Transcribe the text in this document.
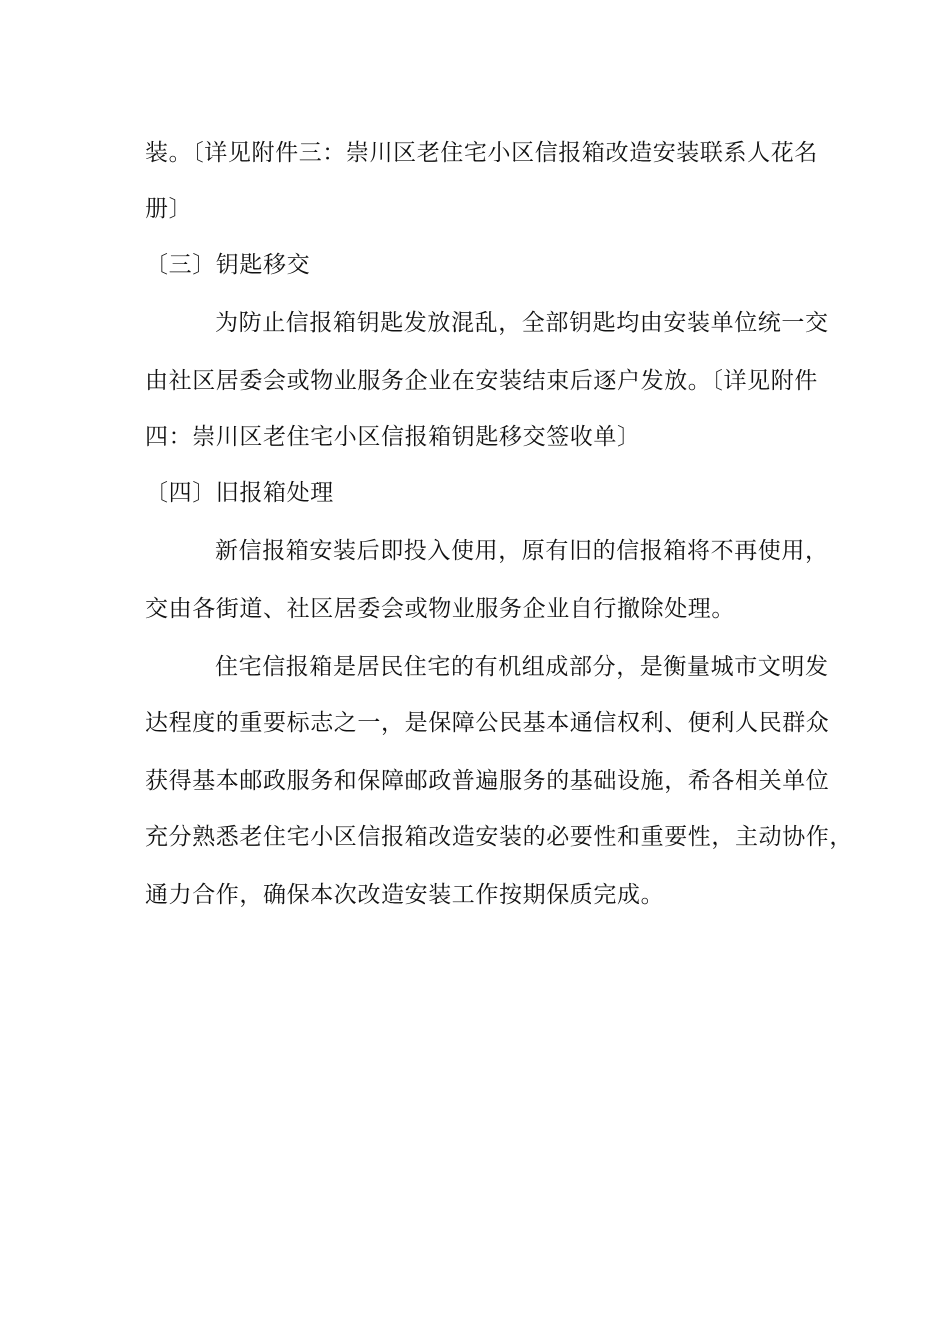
装。〔详见附件三：崇川区老住宅小区信报箱改造安装联系人花名
册〕
〔三〕钥匙移交
为防止信报箱钥匙发放混乱，全部钥匙均由安装单位统一交
由社区居委会或物业服务企业在安装结束后逐户发放。〔详见附件
四：崇川区老住宅小区信报箱钥匙移交签收单〕
〔四〕旧报箱处理
新信报箱安装后即投入使用，原有旧的信报箱将不再使用，
交由各街道、社区居委会或物业服务企业自行撤除处理。
住宅信报箱是居民住宅的有机组成部分，是衡量城市文明发
达程度的重要标志之一，是保障公民基本通信权利、便利人民群众
获得基本邮政服务和保障邮政普遍服务的基础设施，希各相关单位
充分熟悉老住宅小区信报箱改造安装的必要性和重要性，主动协作，
通力合作，确保本次改造安装工作按期保质完成。
